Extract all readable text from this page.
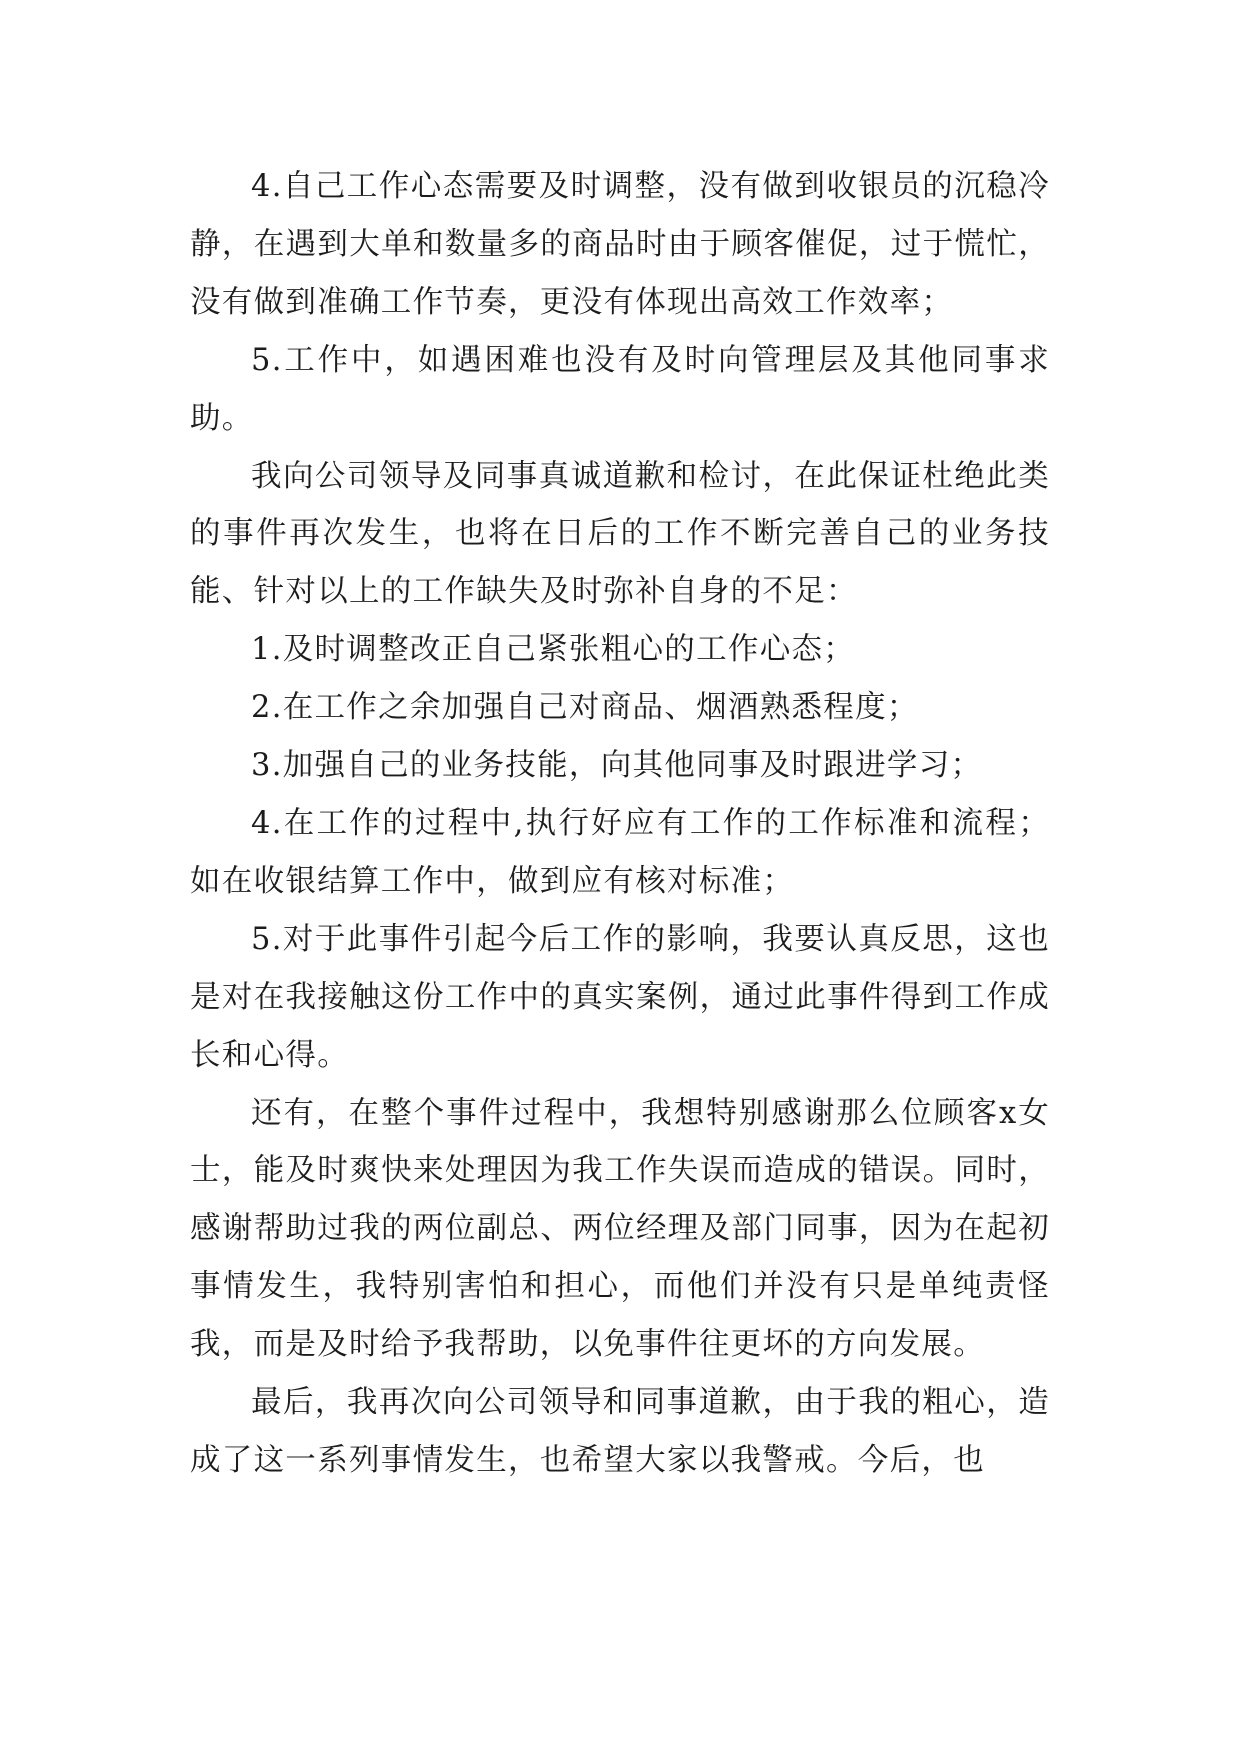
4.自己工作心态需要及时调整，没有做到收银员的沉稳冷静，在遇到大单和数量多的商品时由于顾客催促，过于慌忙，没有做到准确工作节奏，更没有体现出高效工作效率；

5.工作中，如遇困难也没有及时向管理层及其他同事求助。

我向公司领导及同事真诚道歉和检讨，在此保证杜绝此类的事件再次发生，也将在日后的工作不断完善自己的业务技能、针对以上的工作缺失及时弥补自身的不足：

1.及时调整改正自己紧张粗心的工作心态；

2.在工作之余加强自己对商品、烟酒熟悉程度；

3.加强自己的业务技能，向其他同事及时跟进学习；

4.在工作的过程中,执行好应有工作的工作标准和流程；如在收银结算工作中，做到应有核对标准；

5.对于此事件引起今后工作的影响，我要认真反思，这也是对在我接触这份工作中的真实案例，通过此事件得到工作成长和心得。

还有，在整个事件过程中，我想特别感谢那么位顾客x女士，能及时爽快来处理因为我工作失误而造成的错误。同时，感谢帮助过我的两位副总、两位经理及部门同事，因为在起初事情发生，我特别害怕和担心，而他们并没有只是单纯责怪我，而是及时给予我帮助，以免事件往更坏的方向发展。

最后，我再次向公司领导和同事道歉，由于我的粗心，造成了这一系列事情发生，也希望大家以我警戒。今后，也
